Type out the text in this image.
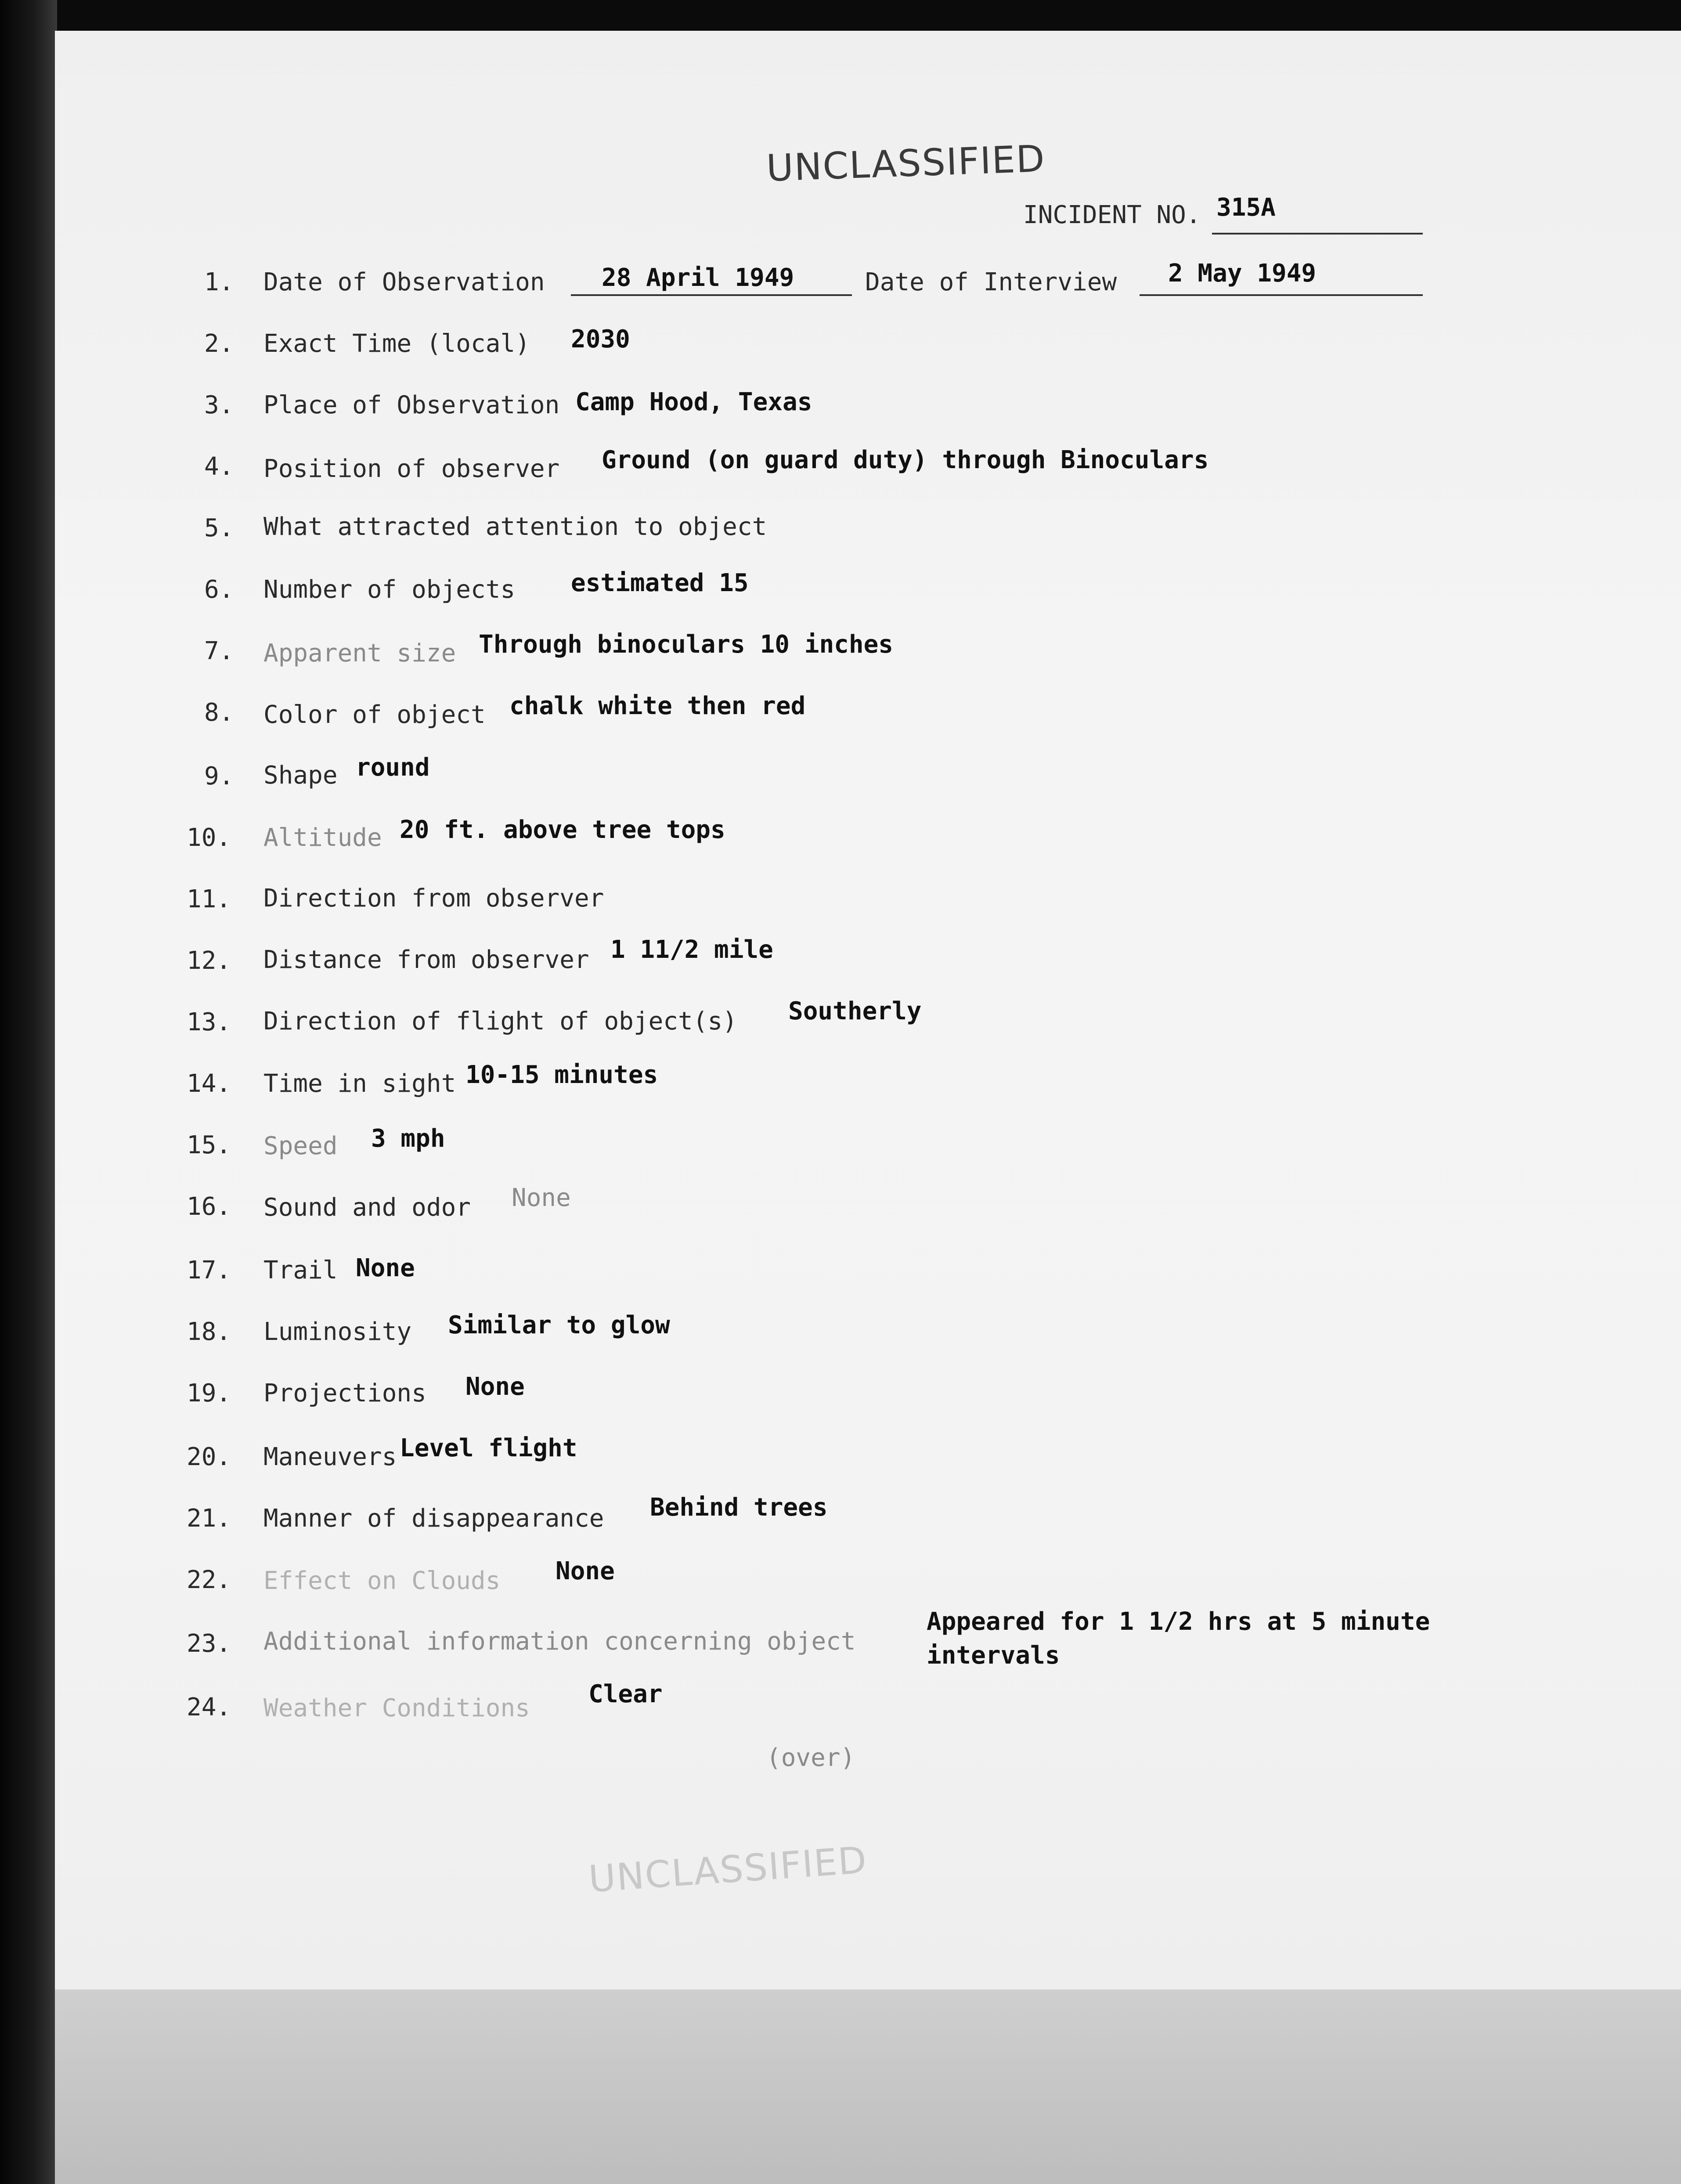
UNCLASSIFIED
INCIDENT NO. 315A
1. Date of Observation 28 April 1949	Date of Interview 2 May 1949
2. Exact Time (local) 2030
3. Place of Observation Camp Hood, Texas
4. Position of observer Ground (on guard duty) through Binoculars
5. What attracted attention to object
6. Number of objects estimated 15
7. Apparent size Through binoculars 10 inches
8. Color of object chalk white then red
9. Shape round
10. Altitude 20 ft. above tree tops
11. Direction from observer
12. Distance from observer 1 11/2 mile
13. Direction of flight of object(s) Southerly
14. Time in sight 10-15 minutes
15. Speed 3 mph
16. Sound and odor None
17. Trail None
18. Luminosity Similar to glow
19. Projections None
20. Maneuvers Level flight
21. Manner of disappearance Behind trees
22. Effect on Clouds None
23. Additional information concerning object
Appeared for 1 1/2 hrs at 5 minute
intervals
24. Weather Conditions Clear
(over)
UNCLASSIFIED
